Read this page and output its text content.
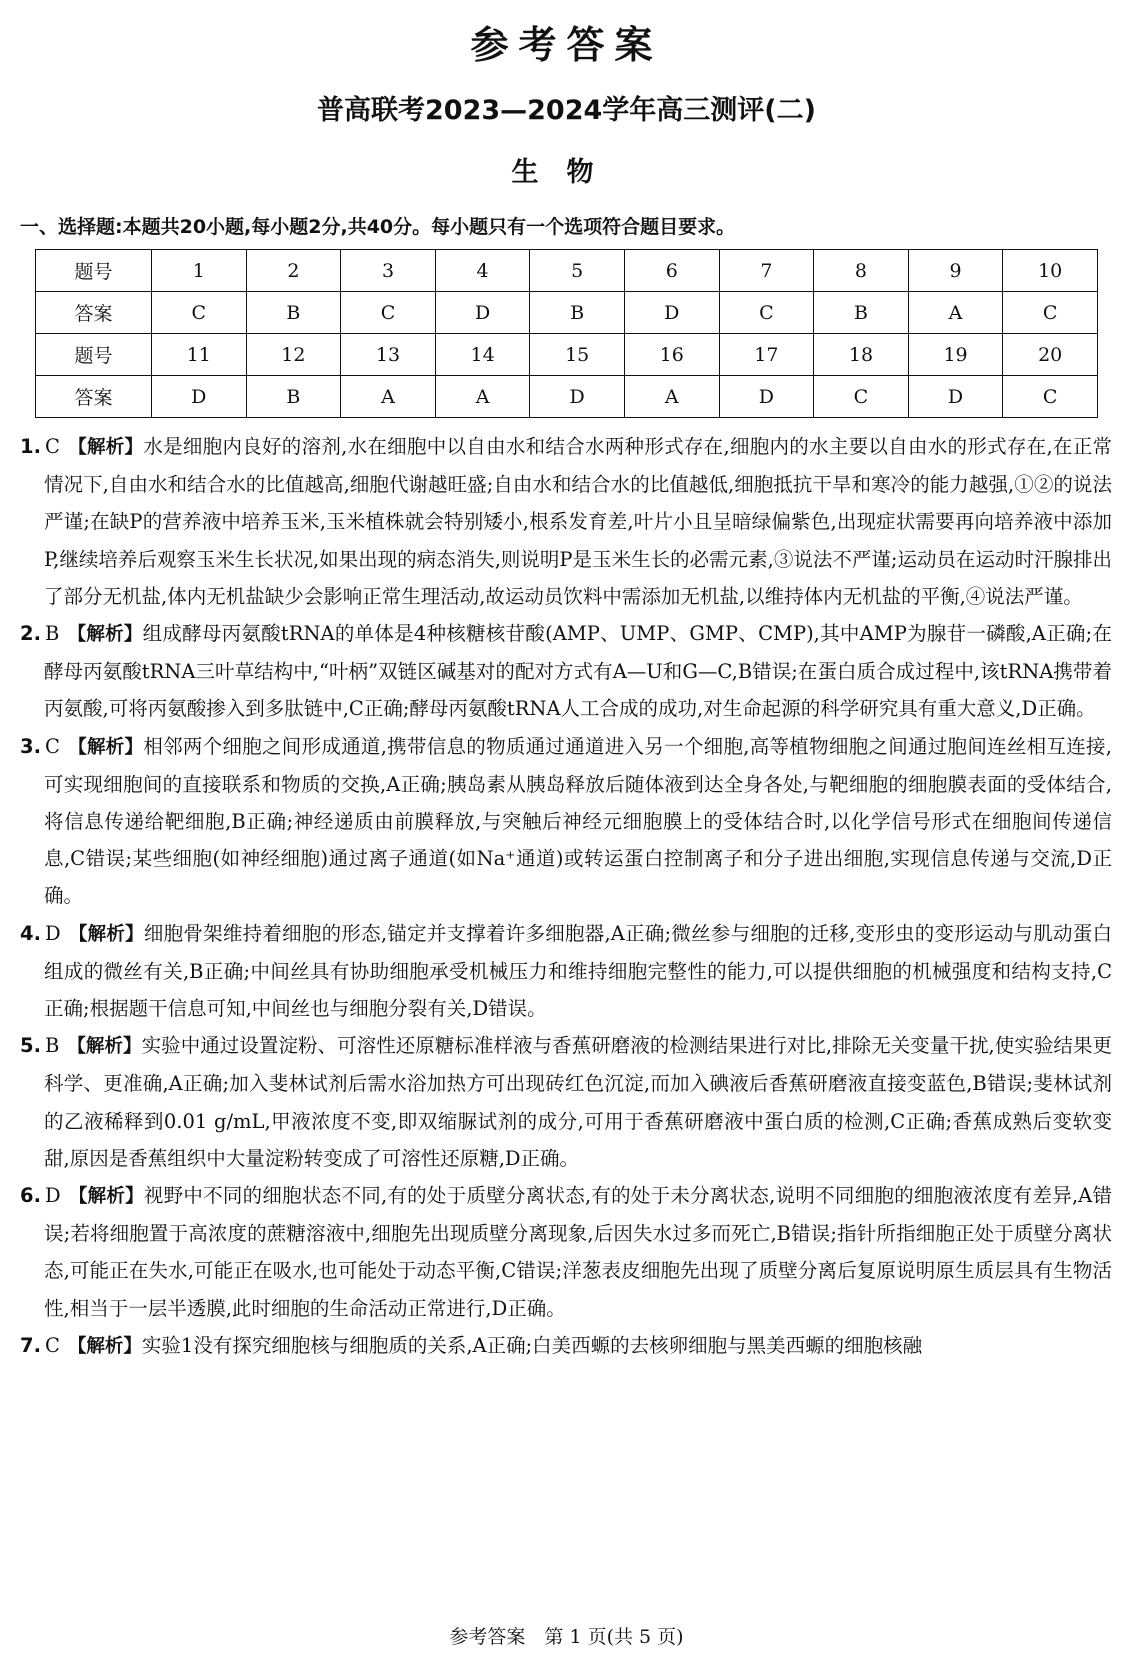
参考答案
普高联考2023—2024学年高三测评(二)
生物
一、选择题:本题共20小题,每小题2分,共40分。每小题只有一个选项符合题目要求。
题号	1	2	3	4	5	6	7	8	9	10
答案	C	B	C	D	B	D	C	B	A	C
题号	11	12	13	14	15	16	17	18	19	20
答案	D	B	A	A	D	A	D	C	D	C

1. C 【解析】水是细胞内良好的溶剂,水在细胞中以自由水和结合水两种形式存在,细胞内的水主要以自由水的形式存在,在正常情况下,自由水和结合水的比值越高,细胞代谢越旺盛;自由水和结合水的比值越低,细胞抵抗干旱和寒冷的能力越强,①②的说法严谨;在缺P的营养液中培养玉米,玉米植株就会特别矮小,根系发育差,叶片小且呈暗绿偏紫色,出现症状需要再向培养液中添加P,继续培养后观察玉米生长状况,如果出现的病态消失,则说明P是玉米生长的必需元素,③说法不严谨;运动员在运动时汗腺排出了部分无机盐,体内无机盐缺少会影响正常生理活动,故运动员饮料中需添加无机盐,以维持体内无机盐的平衡,④说法严谨。

2. B 【解析】组成酵母丙氨酸tRNA的单体是4种核糖核苷酸(AMP、UMP、GMP、CMP),其中AMP为腺苷一磷酸,A正确;在酵母丙氨酸tRNA三叶草结构中,“叶柄”双链区碱基对的配对方式有A—U和G—C,B错误;在蛋白质合成过程中,该tRNA携带着丙氨酸,可将丙氨酸掺入到多肽链中,C正确;酵母丙氨酸tRNA人工合成的成功,对生命起源的科学研究具有重大意义,D正确。

3. C 【解析】相邻两个细胞之间形成通道,携带信息的物质通过通道进入另一个细胞,高等植物细胞之间通过胞间连丝相互连接,可实现细胞间的直接联系和物质的交换,A正确;胰岛素从胰岛释放后随体液到达全身各处,与靶细胞的细胞膜表面的受体结合,将信息传递给靶细胞,B正确;神经递质由前膜释放,与突触后神经元细胞膜上的受体结合时,以化学信号形式在细胞间传递信息,C错误;某些细胞(如神经细胞)通过离子通道(如Na⁺通道)或转运蛋白控制离子和分子进出细胞,实现信息传递与交流,D正确。

4. D 【解析】细胞骨架维持着细胞的形态,锚定并支撑着许多细胞器,A正确;微丝参与细胞的迁移,变形虫的变形运动与肌动蛋白组成的微丝有关,B正确;中间丝具有协助细胞承受机械压力和维持细胞完整性的能力,可以提供细胞的机械强度和结构支持,C正确;根据题干信息可知,中间丝也与细胞分裂有关,D错误。

5. B 【解析】实验中通过设置淀粉、可溶性还原糖标准样液与香蕉研磨液的检测结果进行对比,排除无关变量干扰,使实验结果更科学、更准确,A正确;加入斐林试剂后需水浴加热方可出现砖红色沉淀,而加入碘液后香蕉研磨液直接变蓝色,B错误;斐林试剂的乙液稀释到0.01 g/mL,甲液浓度不变,即双缩脲试剂的成分,可用于香蕉研磨液中蛋白质的检测,C正确;香蕉成熟后变软变甜,原因是香蕉组织中大量淀粉转变成了可溶性还原糖,D正确。

6. D 【解析】视野中不同的细胞状态不同,有的处于质壁分离状态,有的处于未分离状态,说明不同细胞的细胞液浓度有差异,A错误;若将细胞置于高浓度的蔗糖溶液中,细胞先出现质壁分离现象,后因失水过多而死亡,B错误;指针所指细胞正处于质壁分离状态,可能正在失水,可能正在吸水,也可能处于动态平衡,C错误;洋葱表皮细胞先出现了质壁分离后复原说明原生质层具有生物活性,相当于一层半透膜,此时细胞的生命活动正常进行,D正确。

7. C 【解析】实验1没有探究细胞核与细胞质的关系,A正确;白美西螈的去核卵细胞与黑美西螈的细胞核融

参考答案　第 1 页(共 5 页)
